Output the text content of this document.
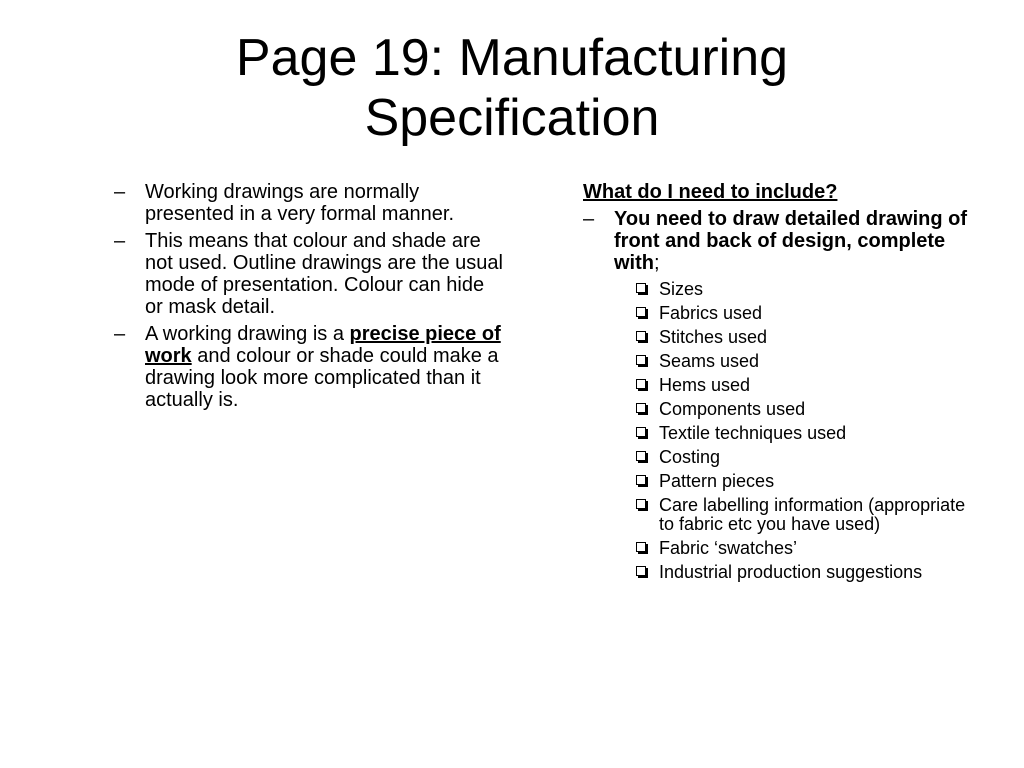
Page 19: Manufacturing
Specification
– Working drawings are normally presented in a very formal manner.
– This means that colour and shade are not used. Outline drawings are the usual mode of presentation. Colour can hide or mask detail.
– A working drawing is a precise piece of work and colour or shade could make a drawing look more complicated than it actually is.
What do I need to include?
– You need to draw detailed drawing of front and back of design, complete with;
Sizes
Fabrics used
Stitches used
Seams used
Hems used
Components used
Textile techniques used
Costing
Pattern pieces
Care labelling information (appropriate to fabric etc you have used)
Fabric ‘swatches’
Industrial production suggestions
